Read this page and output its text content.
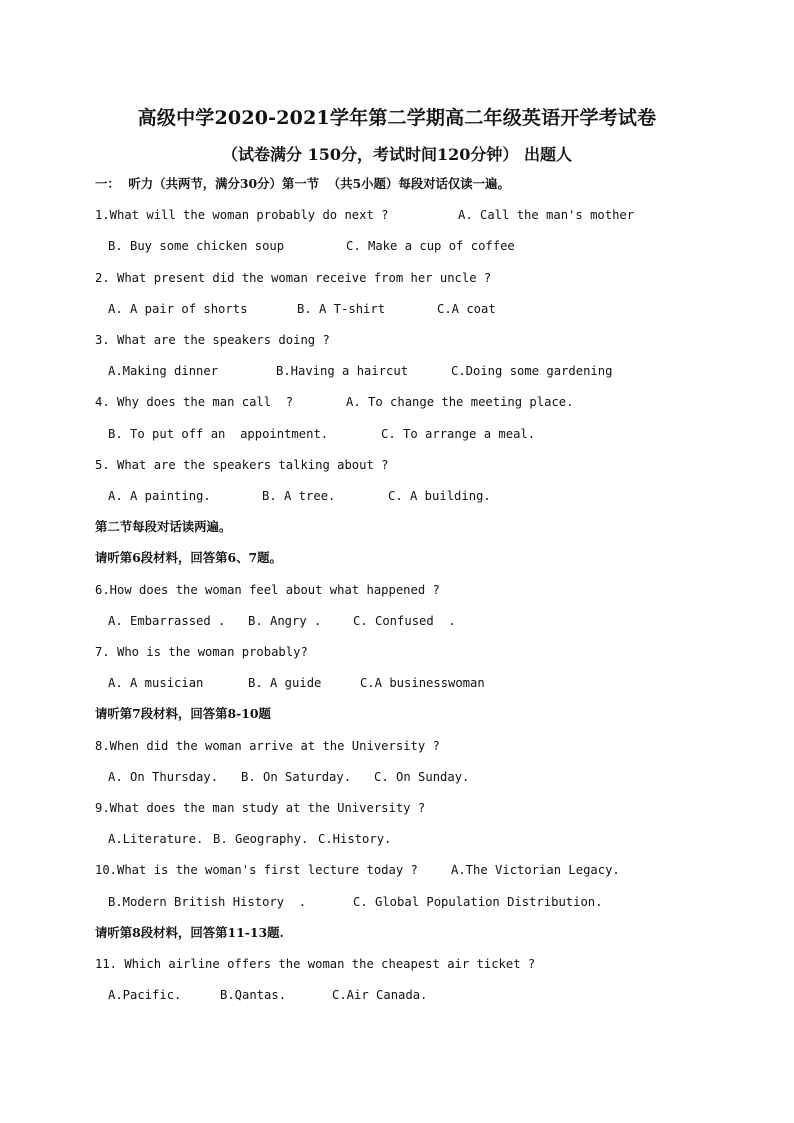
高级中学2020-2021学年第二学期高二年级英语开学考试卷
（试卷满分 150分，考试时间120分钟） 出题人
一：  听力（共两节，满分30分）第一节  （共5小题）每段对话仅读一遍。

1.What will the woman probably do next ?

	A. Call the man's mother

B. Buy some chicken soup

	C. Make a cup of coffee

2. What present did the woman receive from her uncle ?

A. A pair of shorts

	B. A T-shirt

	C.A coat

3. What are the speakers doing ?

A.Making dinner

	B.Having a haircut

	C.Doing some gardening

4. Why does the man call  ?

	A. To change the meeting place.

B. To put off an  appointment.

	C. To arrange a meal.

5. What are the speakers talking about ?

A. A painting.

	B. A tree.

	C. A building.

第二节每段对话读两遍。
请听第6段材料，回答第6、7题。

6.How does the woman feel about what happened ?

A. Embarrassed .

B. Angry .

	C. Confused  .

7. Who is the woman probably?

A. A musician

	B. A guide

	C.A businesswoman

请听第7段材料，回答第8-10题

8.When did the woman arrive at the University ?

A. On Thursday.

B. On Saturday.

C. On Sunday.

9.What does the man study at the University ?

A.Literature.

B. Geography.

C.History.

10.What is the woman's first lecture today ?

	A.The Victorian Legacy.

B.Modern British History  .

	C. Global Population Distribution.

请听第8段材料，回答第11-13题.

11. Which airline offers the woman the cheapest air ticket ?

A.Pacific.

	B.Qantas.

	C.Air Canada.
